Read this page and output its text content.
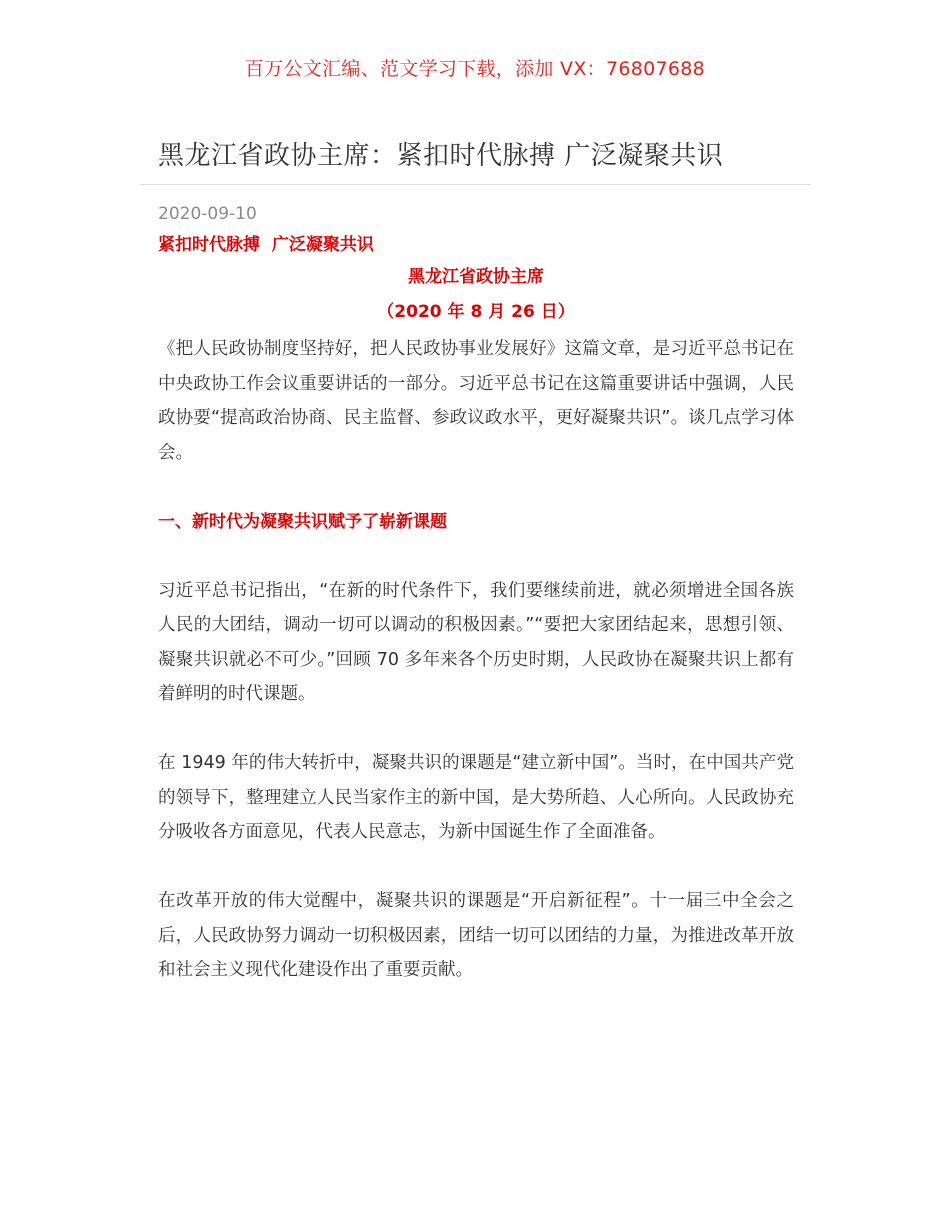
百万公文汇编、范文学习下载，添加 VX：76807688
黑龙江省政协主席：紧扣时代脉搏 广泛凝聚共识
2020-09-10
紧扣时代脉搏  广泛凝聚共识
黑龙江省政协主席
（2020 年 8 月 26 日）

《把人民政协制度坚持好，把人民政协事业发展好》这篇文章，是习近平总书记在中央政协工作会议重要讲话的一部分。习近平总书记在这篇重要讲话中强调，人民政协要“提高政治协商、民主监督、参政议政水平，更好凝聚共识”。谈几点学习体会。

一、新时代为凝聚共识赋予了崭新课题

习近平总书记指出，“在新的时代条件下，我们要继续前进，就必须增进全国各族人民的大团结，调动一切可以调动的积极因素。”“要把大家团结起来，思想引领、凝聚共识就必不可少。”回顾 70 多年来各个历史时期，人民政协在凝聚共识上都有着鲜明的时代课题。

在 1949 年的伟大转折中，凝聚共识的课题是“建立新中国”。当时，在中国共产党的领导下，整理建立人民当家作主的新中国，是大势所趋、人心所向。人民政协充分吸收各方面意见，代表人民意志，为新中国诞生作了全面准备。

在改革开放的伟大觉醒中，凝聚共识的课题是“开启新征程”。十一届三中全会之后，人民政协努力调动一切积极因素，团结一切可以团结的力量，为推进改革开放和社会主义现代化建设作出了重要贡献。
